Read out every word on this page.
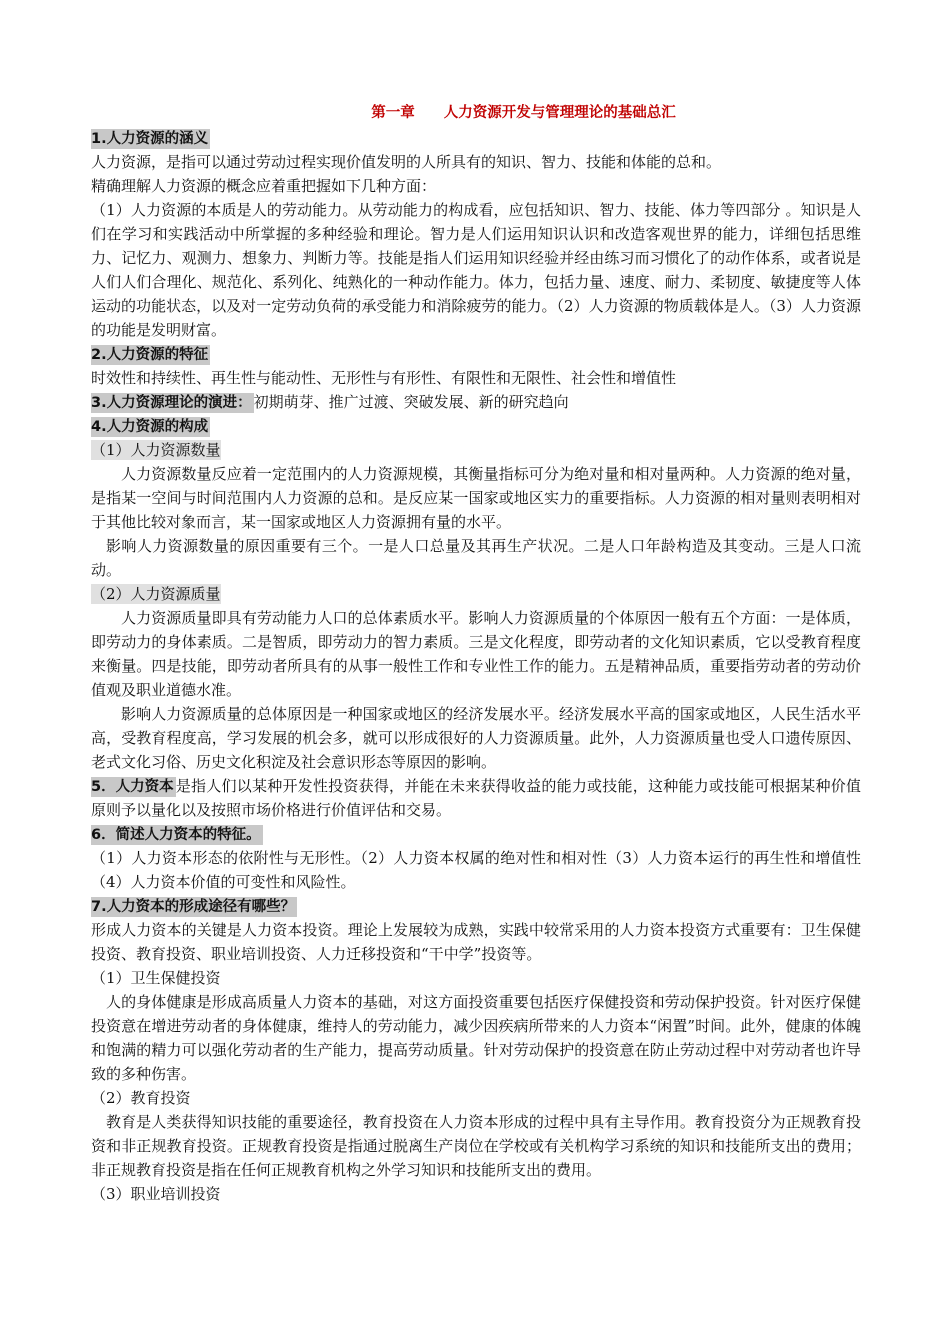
第一章　　人力资源开发与管理理论的基础总汇
1.人力资源的涵义

人力资源，是指可以通过劳动过程实现价值发明的人所具有的知识、智力、技能和体能的总和。

精确理解人力资源的概念应着重把握如下几种方面：

（1）人力资源的本质是人的劳动能力。从劳动能力的构成看，应包括知识、智力、技能、体力等四部分 。知识是人们在学习和实践活动中所掌握的多种经验和理论。智力是人们运用知识认识和改造客观世界的能力，详细包括思维力、记忆力、观测力、想象力、判断力等。技能是指人们运用知识经验并经由练习而习惯化了的动作体系，或者说是人们人们合理化、规范化、系列化、纯熟化的一种动作能力。体力，包括力量、速度、耐力、柔韧度、敏捷度等人体运动的功能状态，以及对一定劳动负荷的承受能力和消除疲劳的能力。（2）人力资源的物质载体是人。（3）人力资源的功能是发明财富。

2.人力资源的特征

时效性和持续性、再生性与能动性、无形性与有形性、有限性和无限性、社会性和增值性

3.人力资源理论的演进： 初期萌芽、推广过渡、突破发展、新的研究趋向

4.人力资源的构成
（1）人力资源数量

人力资源数量反应着一定范围内的人力资源规模，其衡量指标可分为绝对量和相对量两种。人力资源的绝对量，是指某一空间与时间范围内人力资源的总和。是反应某一国家或地区实力的重要指标。人力资源的相对量则表明相对于其他比较对象而言，某一国家或地区人力资源拥有量的水平。

影响人力资源数量的原因重要有三个。一是人口总量及其再生产状况。二是人口年龄构造及其变动。三是人口流动。

（2）人力资源质量

人力资源质量即具有劳动能力人口的总体素质水平。影响人力资源质量的个体原因一般有五个方面：一是体质，即劳动力的身体素质。二是智质，即劳动力的智力素质。三是文化程度，即劳动者的文化知识素质，它以受教育程度来衡量。四是技能，即劳动者所具有的从事一般性工作和专业性工作的能力。五是精神品质，重要指劳动者的劳动价值观及职业道德水准。

影响人力资源质量的总体原因是一种国家或地区的经济发展水平。经济发展水平高的国家或地区，人民生活水平高，受教育程度高，学习发展的机会多，就可以形成很好的人力资源质量。此外，人力资源质量也受人口遗传原因、老式文化习俗、历史文化积淀及社会意识形态等原因的影响。

5．人力资本 是指人们以某种开发性投资获得，并能在未来获得收益的能力或技能，这种能力或技能可根据某种价值原则予以量化以及按照市场价格进行价值评估和交易。

6．简述人力资本的特征。

（1）人力资本形态的依附性与无形性。（2）人力资本权属的绝对性和相对性（3）人力资本运行的再生性和增值性（4）人力资本价值的可变性和风险性。

7.人力资本的形成途径有哪些？

形成人力资本的关键是人力资本投资。理论上发展较为成熟，实践中较常采用的人力资本投资方式重要有：卫生保健投资、教育投资、职业培训投资、人力迁移投资和“干中学”投资等。

（1）卫生保健投资

人的身体健康是形成高质量人力资本的基础，对这方面投资重要包括医疗保健投资和劳动保护投资。针对医疗保健投资意在增进劳动者的身体健康，维持人的劳动能力，减少因疾病所带来的人力资本“闲置”时间。此外，健康的体魄和饱满的精力可以强化劳动者的生产能力，提高劳动质量。针对劳动保护的投资意在防止劳动过程中对劳动者也许导致的多种伤害。

（2）教育投资

教育是人类获得知识技能的重要途径，教育投资在人力资本形成的过程中具有主导作用。教育投资分为正规教育投资和非正规教育投资。正规教育投资是指通过脱离生产岗位在学校或有关机构学习系统的知识和技能所支出的费用；非正规教育投资是指在任何正规教育机构之外学习知识和技能所支出的费用。

（3）职业培训投资
